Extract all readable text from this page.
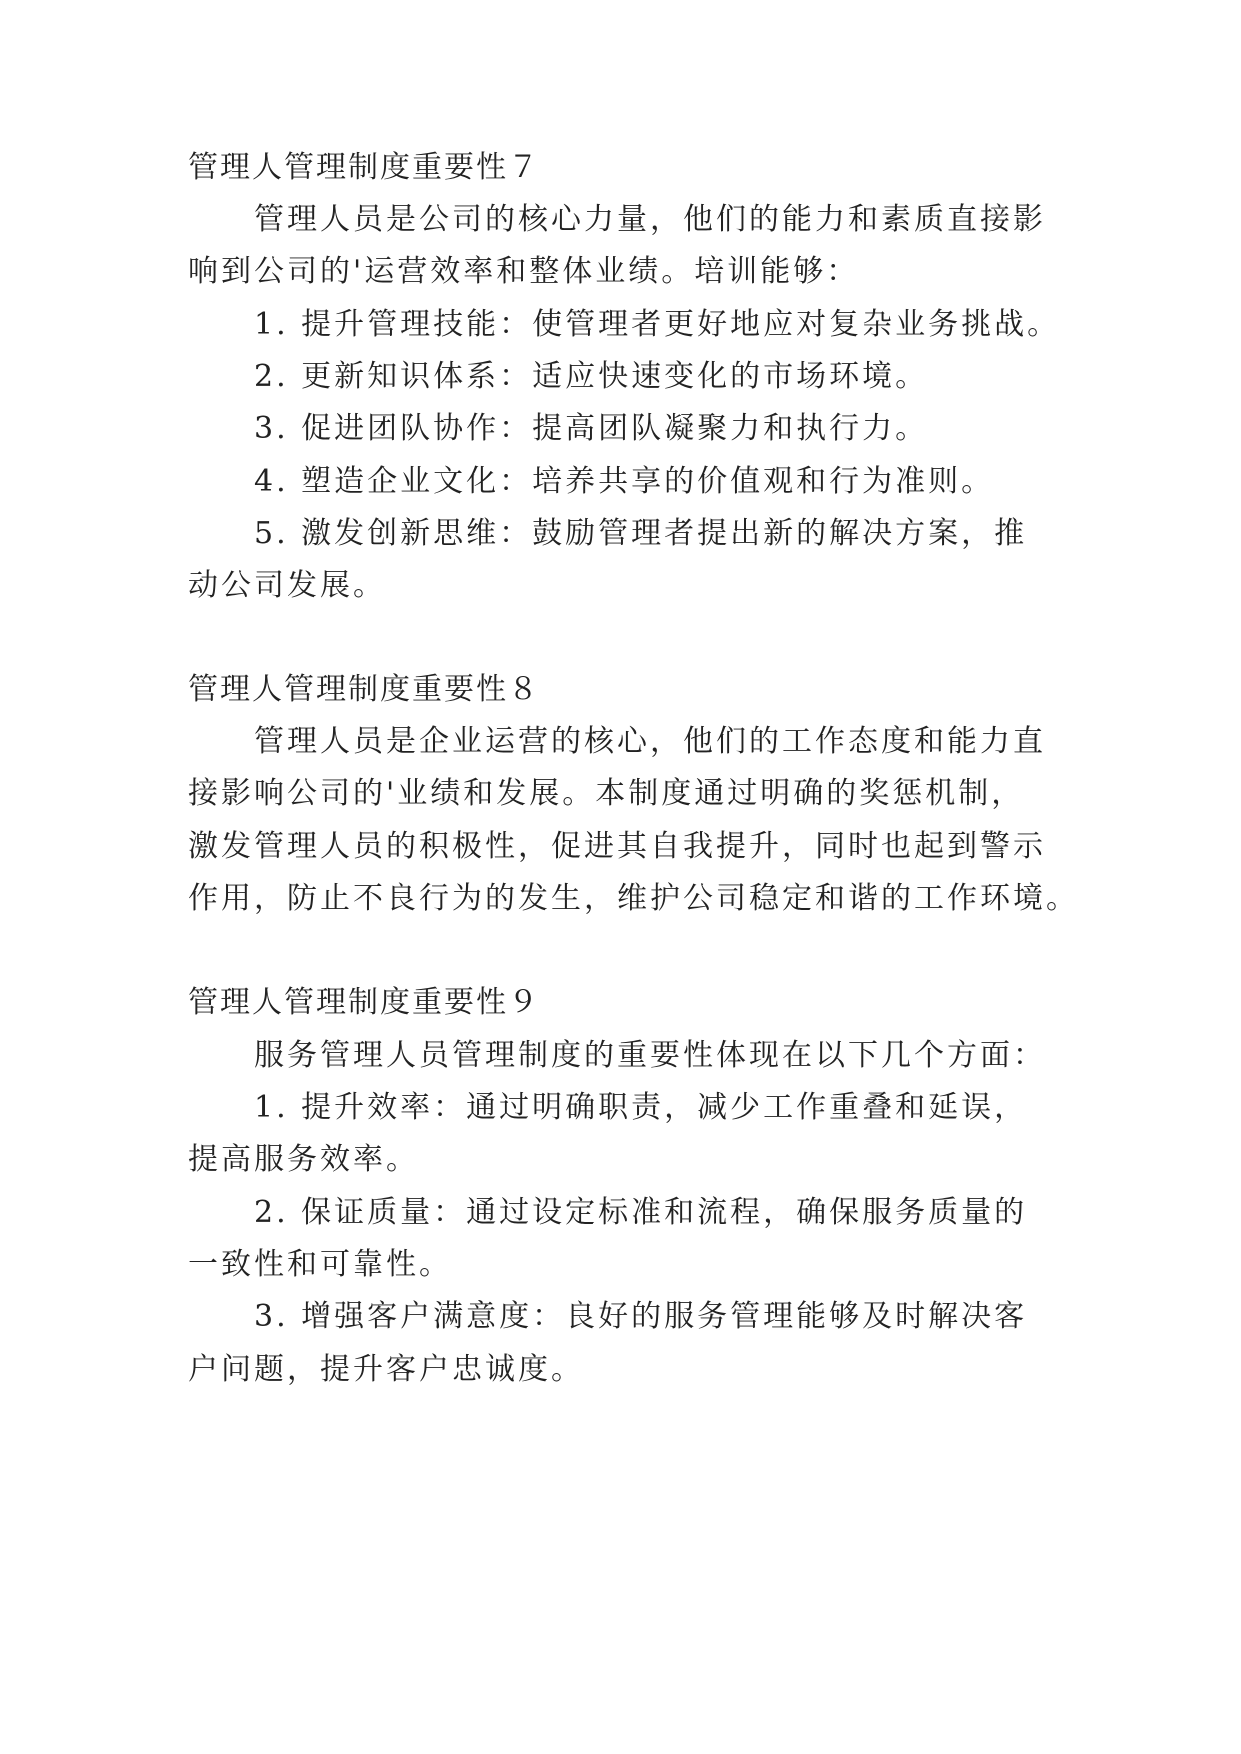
管理人管理制度重要性７

管理人员是公司的核心力量，他们的能力和素质直接影

响到公司的'运营效率和整体业绩。培训能够：

1. 提升管理技能：使管理者更好地应对复杂业务挑战。

2. 更新知识体系：适应快速变化的市场环境。

3. 促进团队协作：提高团队凝聚力和执行力。

4. 塑造企业文化：培养共享的价值观和行为准则。

5. 激发创新思维：鼓励管理者提出新的解决方案，推

动公司发展。

管理人管理制度重要性８

管理人员是企业运营的核心，他们的工作态度和能力直

接影响公司的'业绩和发展。本制度通过明确的奖惩机制，

激发管理人员的积极性，促进其自我提升，同时也起到警示

作用，防止不良行为的发生，维护公司稳定和谐的工作环境。

管理人管理制度重要性９

服务管理人员管理制度的重要性体现在以下几个方面：

1. 提升效率：通过明确职责，减少工作重叠和延误，

提高服务效率。

2. 保证质量：通过设定标准和流程，确保服务质量的

一致性和可靠性。

3. 增强客户满意度：良好的服务管理能够及时解决客

户问题，提升客户忠诚度。
